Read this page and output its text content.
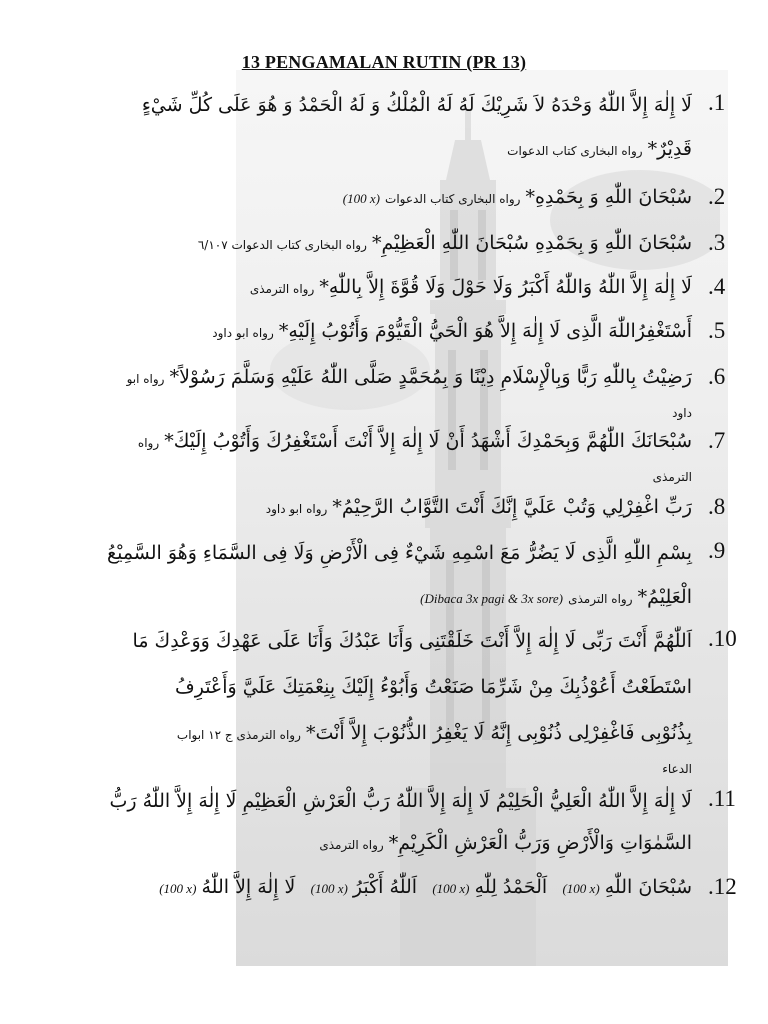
13 PENGAMALAN RUTIN (PR 13)
.1
لَا إِلٰهَ إِلاَّ اللّٰهُ وَحْدَهُ لاَ شَرِيْكَ لَهُ لَهُ الْمُلْكُ وَ لَهُ الْحَمْدُ وَ هُوَ عَلَى كُلِّ شَيْءٍ
قَدِيْرٌ* رواه البخارى كتاب الدعوات
.2
سُبْحَانَ اللّٰهِ وَ بِحَمْدِهِ* رواه البخارى كتاب الدعوات (100 x)
.3
سُبْحَانَ اللّٰهِ وَ بِحَمْدِهِ سُبْحَانَ اللّٰهِ الْعَظِيْمِ* رواه البخارى كتاب الدعوات ٦/١٠٧
.4
لَا إِلٰهَ إِلاَّ اللّٰهُ وَاللّٰهُ أَكْبَرُ وَلَا حَوْلَ وَلَا قُوَّةَ إِلاَّ بِاللّٰهِ* رواه الترمذى
.5
أَسْتَغْفِرُاللّٰهَ الَّذِى لَا إِلٰهَ إِلاَّ هُوَ الْحَيُّ الْقَيُّوْمَ وَأَتُوْبُ إِلَيْهِ* رواه ابو داود
.6
رَضِيْتُ بِاللّٰهِ رَبًّا وَبِالْإِسْلَامِ دِيْنًا وَ بِمُحَمَّدٍ صَلَّى اللّٰهُ عَلَيْهِ وَسَلَّمَ رَسُوْلاً* رواه ابو
داود
.7
سُبْحَانَكَ اللّٰهُمَّ وَبِحَمْدِكَ أَشْهَدُ أَنْ لَا إِلٰهَ إِلاَّ أَنْتَ أَسْتَغْفِرُكَ وَأَتُوْبُ إِلَيْكَ* رواه
الترمذى
.8
رَبِّ اغْفِرْلِي وَتُبْ عَلَيَّ إِنَّكَ أَنْتَ التَّوَّابُ الرَّحِيْمُ* رواه ابو داود
.9
بِسْمِ اللّٰهِ الَّذِى لَا يَضُرُّ مَعَ اسْمِهِ شَيْءٌ فِى الْأَرْضِ وَلَا فِى السَّمَاءِ وَهُوَ السَّمِيْعُ
الْعَلِيْمُ* رواه الترمذى (Dibaca 3x pagi & 3x sore)
.10
اَللّٰهُمَّ أَنْتَ رَبِّى لَا إِلٰهَ إِلاَّ أَنْتَ خَلَقْتَنِى وَأَنَا عَبْدُكَ وَأَنَا عَلَى عَهْدِكَ وَوَعْدِكَ مَا
اسْتَطَعْتُ أَعُوْذُبِكَ مِنْ شَرِّمَا صَنَعْتُ وَأَبُوْءُ إِلَيْكَ بِنِعْمَتِكَ عَلَيَّ وَأَعْتَرِفُ
بِذُنُوْبِى فَاغْفِرْلِى ذُنُوْبِى إِنَّهُ لَا يَغْفِرُ الذُّنُوْبَ إِلاَّ أَنْتَ* رواه الترمذى ج ١٢ ابواب
الدعاء
.11
لَا إِلٰهَ إِلاَّ اللّٰهُ الْعَلِيُّ الْحَلِيْمُ لَا إِلٰهَ إِلاَّ اللّٰهُ رَبُّ الْعَرْشِ الْعَظِيْمِ لَا إِلٰهَ إِلاَّ اللّٰهُ رَبُّ
السَّمٰوَاتِ وَالْأَرْضِ وَرَبُّ الْعَرْشِ الْكَرِيْمِ* رواه الترمذى
.12
سُبْحَانَ اللّٰهِ (100 x)   اَلْحَمْدُ لِلّٰهِ (100 x)   اَللّٰهُ أَكْبَرُ (100 x)   لَا إِلٰهَ إِلاَّ اللّٰهُ (100 x)
